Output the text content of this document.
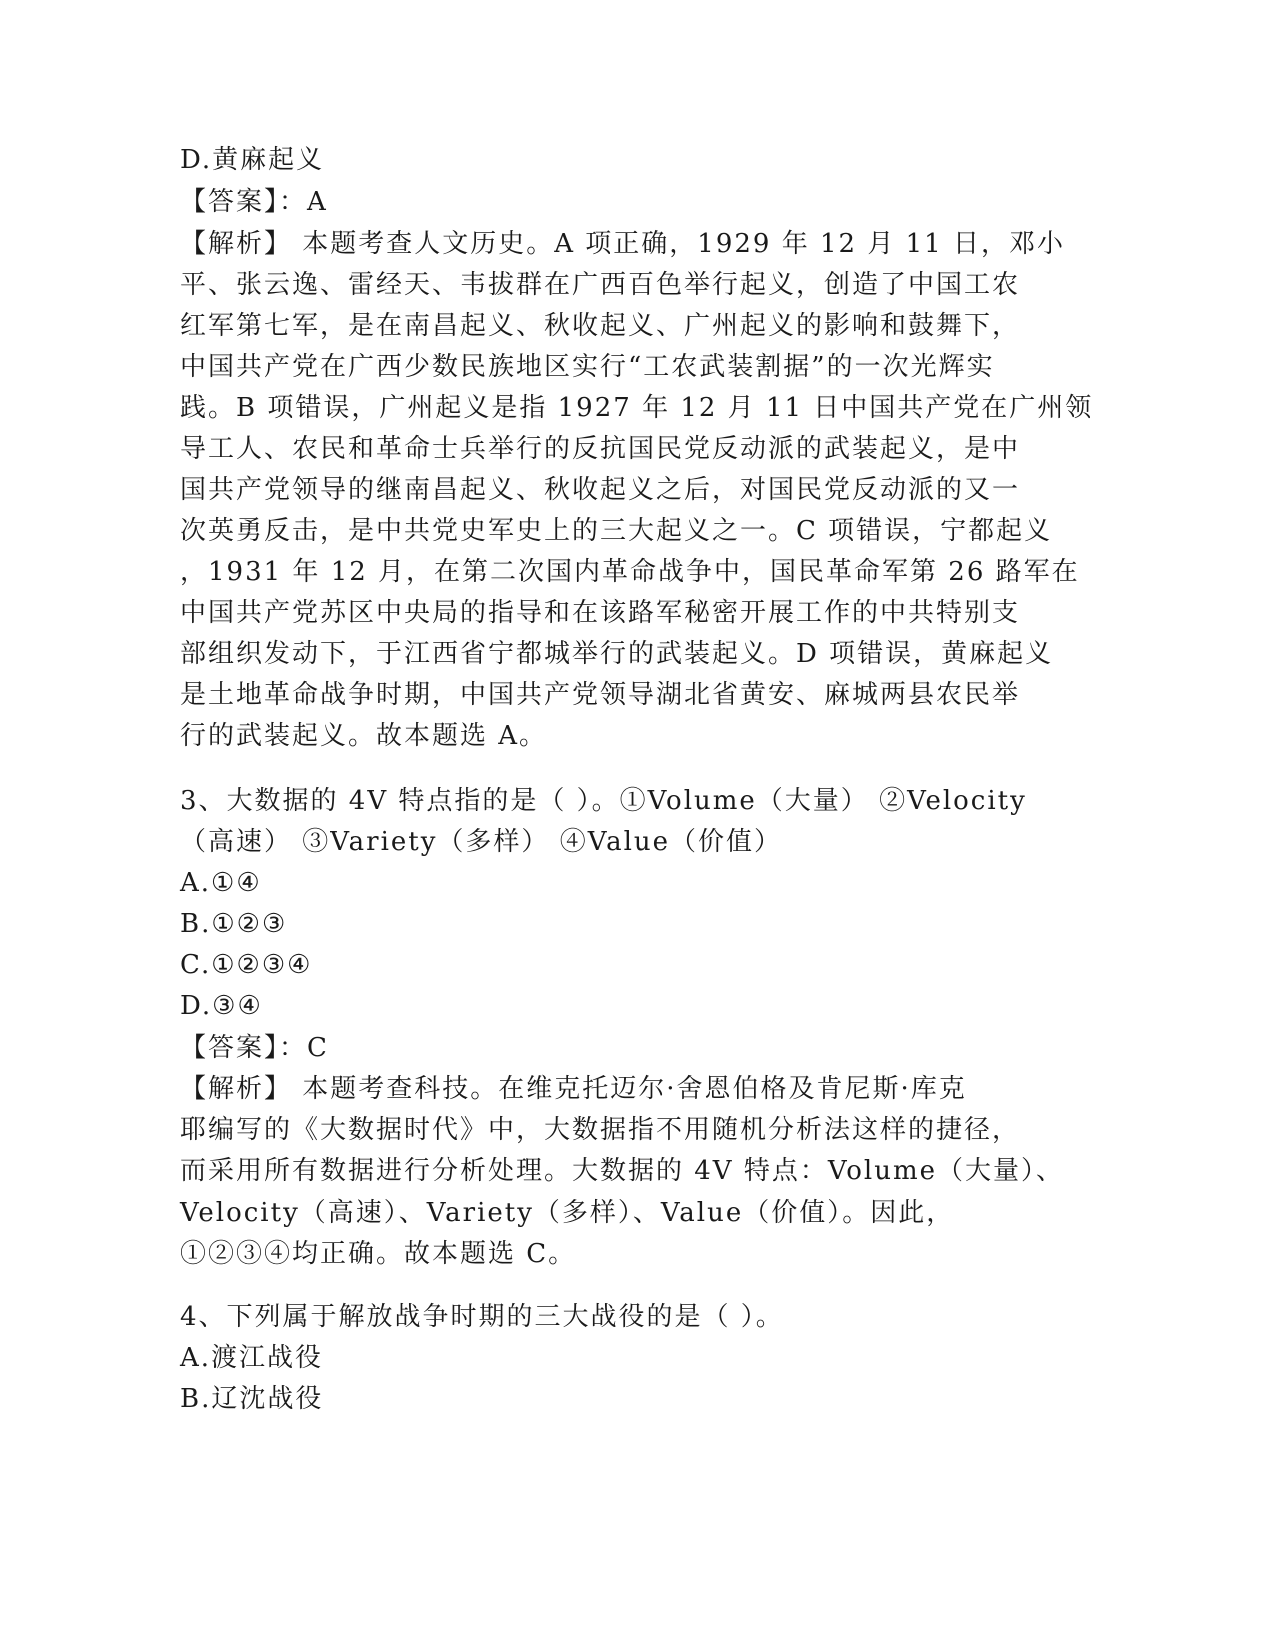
D.黄麻起义
【答案】：A
【解析】 本题考查人文历史。A 项正确，1929 年 12 月 11 日，邓小
平、张云逸、雷经天、韦拔群在广西百色举行起义，创造了中国工农
红军第七军，是在南昌起义、秋收起义、广州起义的影响和鼓舞下，
中国共产党在广西少数民族地区实行“工农武装割据”的一次光辉实
践。B 项错误，广州起义是指 1927 年 12 月 11 日中国共产党在广州领
导工人、农民和革命士兵举行的反抗国民党反动派的武装起义，是中
国共产党领导的继南昌起义、秋收起义之后，对国民党反动派的又一
次英勇反击，是中共党史军史上的三大起义之一。C 项错误，宁都起义
，1931 年 12 月，在第二次国内革命战争中，国民革命军第 26 路军在
中国共产党苏区中央局的指导和在该路军秘密开展工作的中共特别支
部组织发动下，于江西省宁都城举行的武装起义。D 项错误，黄麻起义
是土地革命战争时期，中国共产党领导湖北省黄安、麻城两县农民举
行的武装起义。故本题选 A。
3、大数据的 4V 特点指的是（ ）。①Volume（大量） ②Velocity
（高速） ③Variety（多样） ④Value（价值）
A.①④
B.①②③
C.①②③④
D.③④
【答案】：C
【解析】 本题考查科技。在维克托迈尔·舍恩伯格及肯尼斯·库克
耶编写的《大数据时代》中，大数据指不用随机分析法这样的捷径，
而采用所有数据进行分析处理。大数据的 4V 特点：Volume（大量）、
Velocity（高速）、Variety（多样）、Value（价值）。因此，
①②③④均正确。故本题选 C。
4、下列属于解放战争时期的三大战役的是（ ）。
A.渡江战役
B.辽沈战役
